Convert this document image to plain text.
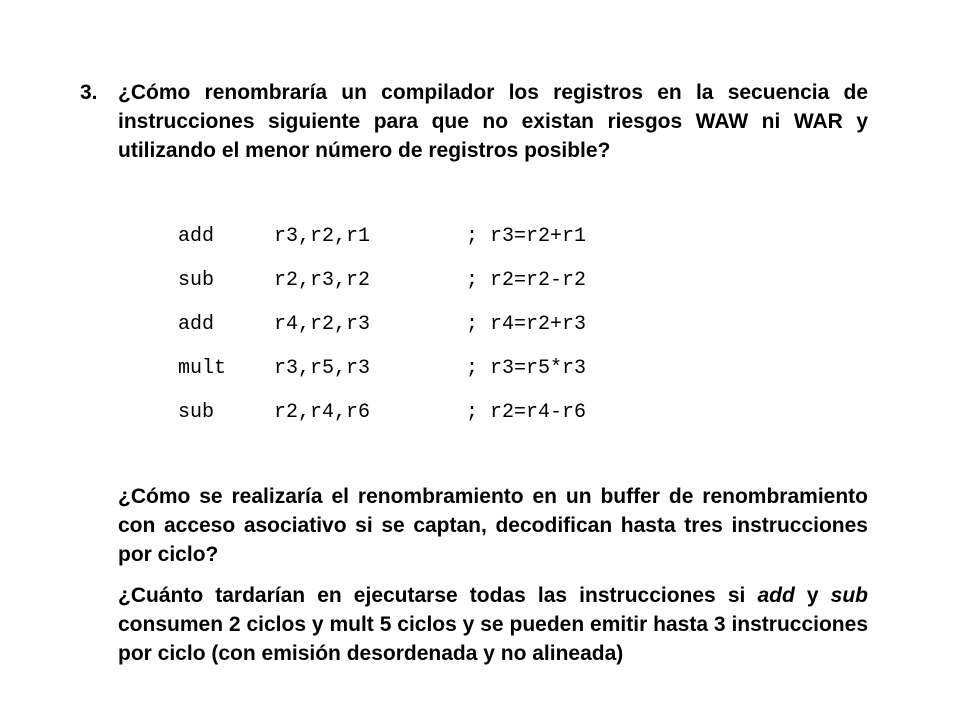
3. ¿Cómo renombraría un compilador los registros en la secuencia de instrucciones siguiente para que no existan riesgos WAW ni WAR y utilizando el menor número de registros posible?
add	r3,r2,r1	; r3=r2+r1
sub	r2,r3,r2	; r2=r2-r2
add	r4,r2,r3	; r4=r2+r3
mult r3,r5,r3	; r3=r5*r3
sub	r2,r4,r6	; r2=r4-r6
¿Cómo se realizaría el renombramiento en un buffer de renombramiento con acceso asociativo si se captan, decodifican hasta tres instrucciones por ciclo?
¿Cuánto tardarían en ejecutarse todas las instrucciones si add y sub consumen 2 ciclos y mult 5 ciclos y se pueden emitir hasta 3 instrucciones por ciclo (con emisión desordenada y no alineada)
